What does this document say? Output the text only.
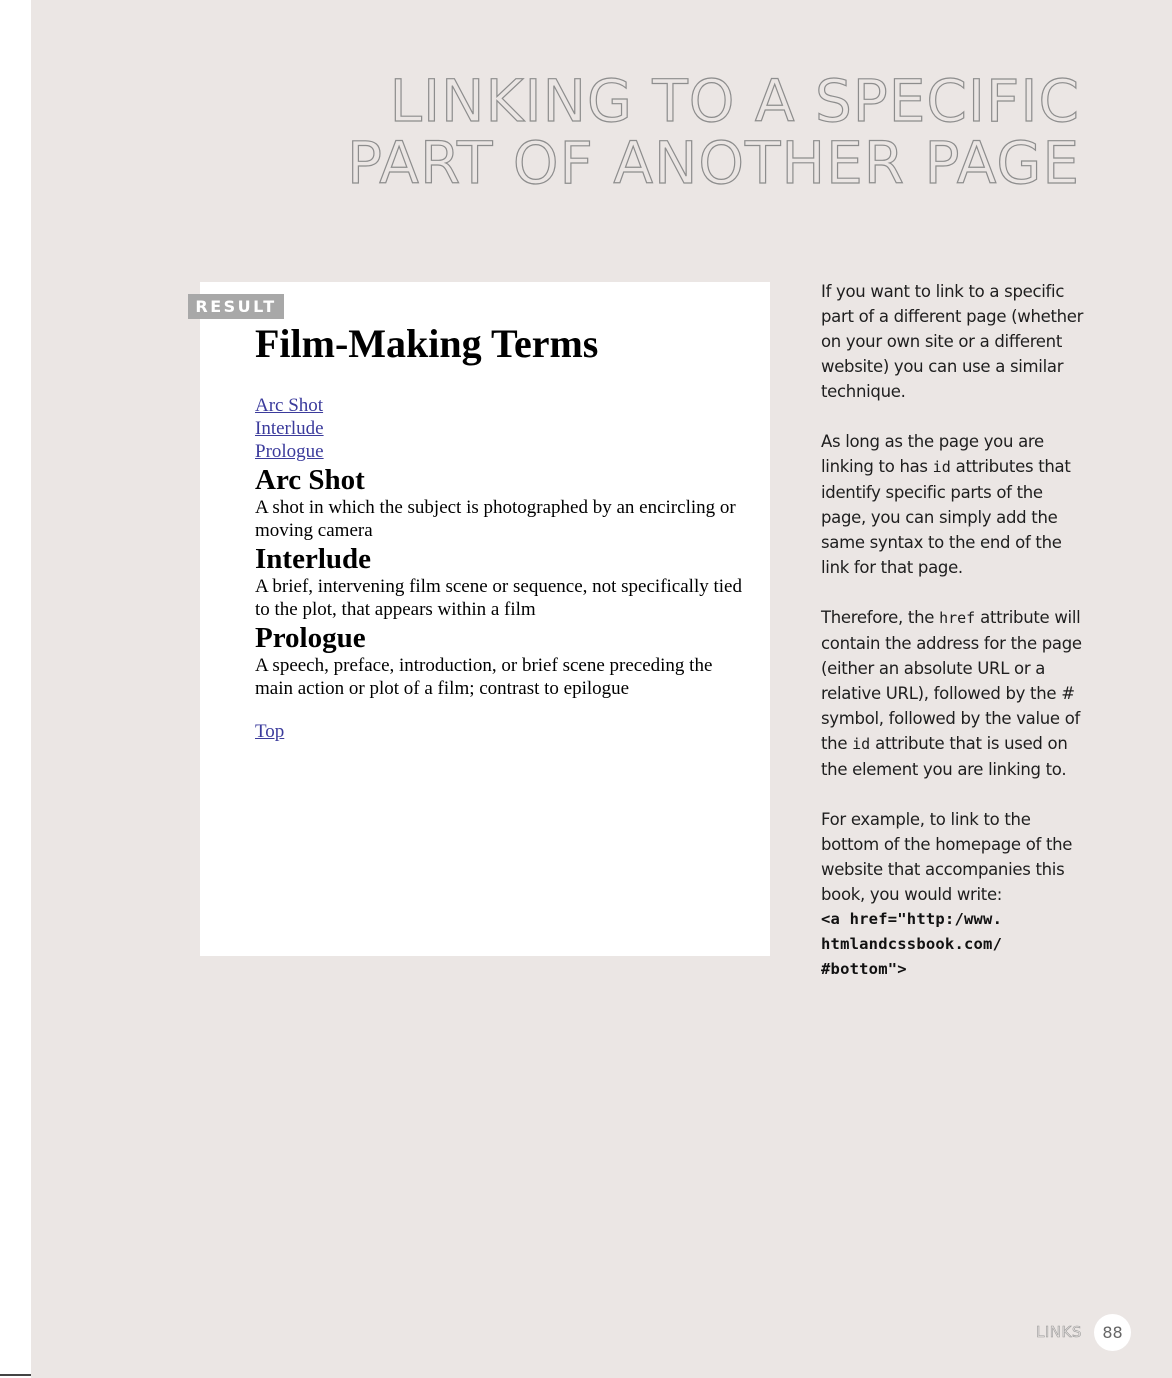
LINKING TO A SPECIFIC
PART OF ANOTHER PAGE
RESULT
Film-Making Terms
Arc Shot
Interlude
Prologue
Arc Shot

A shot in which the subject is photographed by an encircling or moving camera

Interlude

A brief, intervening film scene or sequence, not specifically tied to the plot, that appears within a film

Prologue

A speech, preface, introduction, or brief scene preceding the main action or plot of a film; contrast to epilogue

Top

If you want to link to a specific part of a different page (whether on your own site or a different website) you can use a similar technique.

As long as the page you are linking to has id attributes that identify specific parts of the page, you can simply add the same syntax to the end of the link for that page.

Therefore, the href attribute will contain the address for the page (either an absolute URL or a relative URL), followed by the # symbol, followed by the value of the id attribute that is used on the element you are linking to.

For example, to link to the bottom of the homepage of the website that accompanies this book, you would write:
<a href="http:/www.
htmlandcssbook.com/
#bottom">
LINKS	88
